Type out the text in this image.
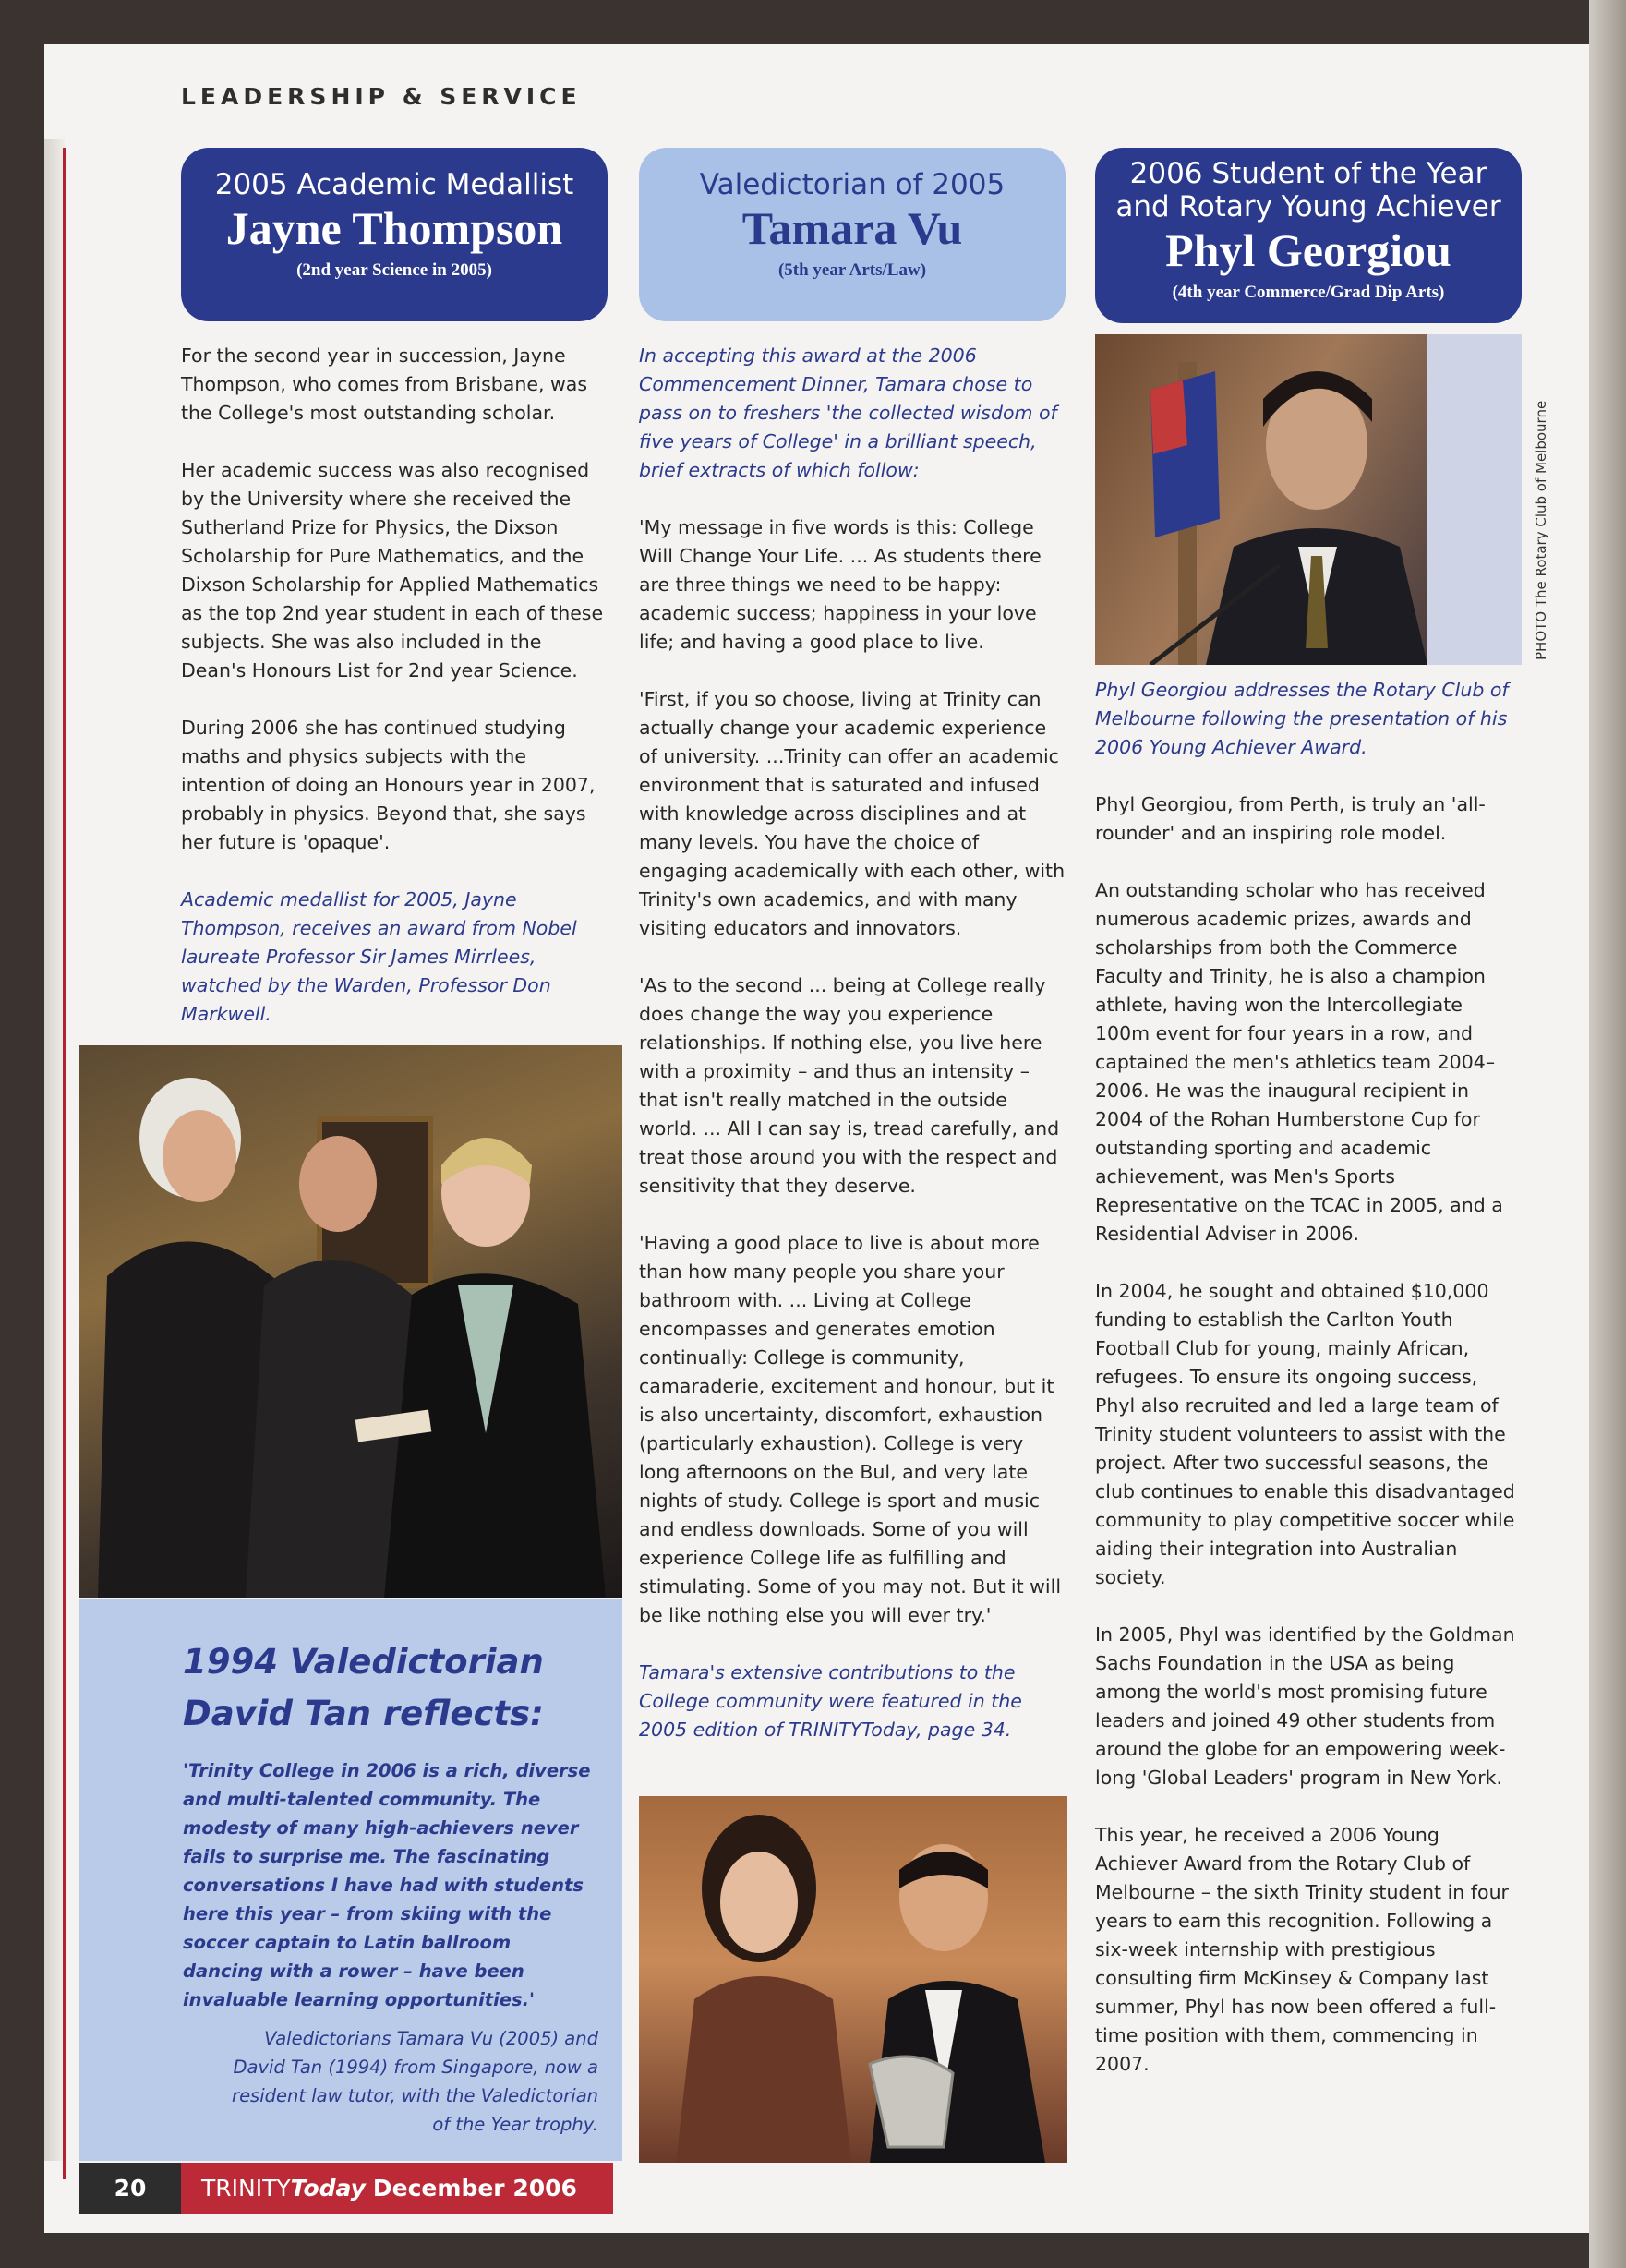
LEADERSHIP & SERVICE
2005 Academic Medallist
Jayne Thompson
(2nd year Science in 2005)

For the second year in succession, Jayne Thompson, who comes from Brisbane, was the College's most outstanding scholar.

Her academic success was also recognised by the University where she received the Sutherland Prize for Physics, the Dixson Scholarship for Pure Mathematics, and the Dixson Scholarship for Applied Mathematics as the top 2nd year student in each of these subjects. She was also included in the Dean's Honours List for 2nd year Science.

During 2006 she has continued studying maths and physics subjects with the intention of doing an Honours year in 2007, probably in physics. Beyond that, she says her future is 'opaque'.

Academic medallist for 2005, Jayne Thompson, receives an award from Nobel laureate Professor Sir James Mirrlees, watched by the Warden, Professor Don Markwell.

Valedictorian of 2005
Tamara Vu
(5th year Arts/Law)

In accepting this award at the 2006 Commencement Dinner, Tamara chose to pass on to freshers 'the collected wisdom of five years of College' in a brilliant speech, brief extracts of which follow:

'My message in five words is this: College Will Change Your Life. ... As students there are three things we need to be happy: academic success; happiness in your love life; and having a good place to live.

'First, if you so choose, living at Trinity can actually change your academic experience of university. ...Trinity can offer an academic environment that is saturated and infused with knowledge across disciplines and at many levels. You have the choice of engaging academically with each other, with Trinity's own academics, and with many visiting educators and innovators.

'As to the second ... being at College really does change the way you experience relationships. If nothing else, you live here with a proximity – and thus an intensity – that isn't really matched in the outside world. ... All I can say is, tread carefully, and treat those around you with the respect and sensitivity that they deserve.

'Having a good place to live is about more than how many people you share your bathroom with. ... Living at College encompasses and generates emotion continually: College is community, camaraderie, excitement and honour, but it is also uncertainty, discomfort, exhaustion (particularly exhaustion). College is very long afternoons on the Bul, and very late nights of study. College is sport and music and endless downloads. Some of you will experience College life as fulfilling and stimulating. Some of you may not. But it will be like nothing else you will ever try.'

Tamara's extensive contributions to the College community were featured in the 2005 edition of TRINITYToday, page 34.

1994 Valedictorian
David Tan reflects:
'Trinity College in 2006 is a rich, diverse and multi-talented community. The modesty of many high-achievers never fails to surprise me. The fascinating conversations I have had with students here this year – from skiing with the soccer captain to Latin ballroom dancing with a rower – have been invaluable learning opportunities.'
Valedictorians Tamara Vu (2005) and David Tan (1994) from Singapore, now a resident law tutor, with the Valedictorian of the Year trophy.
2006 Student of the Year
and Rotary Young Achiever
Phyl Georgiou
(4th year Commerce/Grad Dip Arts)

Phyl Georgiou addresses the Rotary Club of Melbourne following the presentation of his 2006 Young Achiever Award.

Phyl Georgiou, from Perth, is truly an 'all-rounder' and an inspiring role model.

An outstanding scholar who has received numerous academic prizes, awards and scholarships from both the Commerce Faculty and Trinity, he is also a champion athlete, having won the Intercollegiate 100m event for four years in a row, and captained the men's athletics team 2004–2006. He was the inaugural recipient in 2004 of the Rohan Humberstone Cup for outstanding sporting and academic achievement, was Men's Sports Representative on the TCAC in 2005, and a Residential Adviser in 2006.

In 2004, he sought and obtained $10,000 funding to establish the Carlton Youth Football Club for young, mainly African, refugees. To ensure its ongoing success, Phyl also recruited and led a large team of Trinity student volunteers to assist with the project. After two successful seasons, the club continues to enable this disadvantaged community to play competitive soccer while aiding their integration into Australian society.

In 2005, Phyl was identified by the Goldman Sachs Foundation in the USA as being among the world's most promising future leaders and joined 49 other students from around the globe for an empowering week-long 'Global Leaders' program in New York.

This year, he received a 2006 Young Achiever Award from the Rotary Club of Melbourne – the sixth Trinity student in four years to earn this recognition. Following a six-week internship with prestigious consulting firm McKinsey & Company last summer, Phyl has now been offered a full-time position with them, commencing in 2007.

PHOTO The Rotary Club of Melbourne
20	TRINITYToday December 2006
